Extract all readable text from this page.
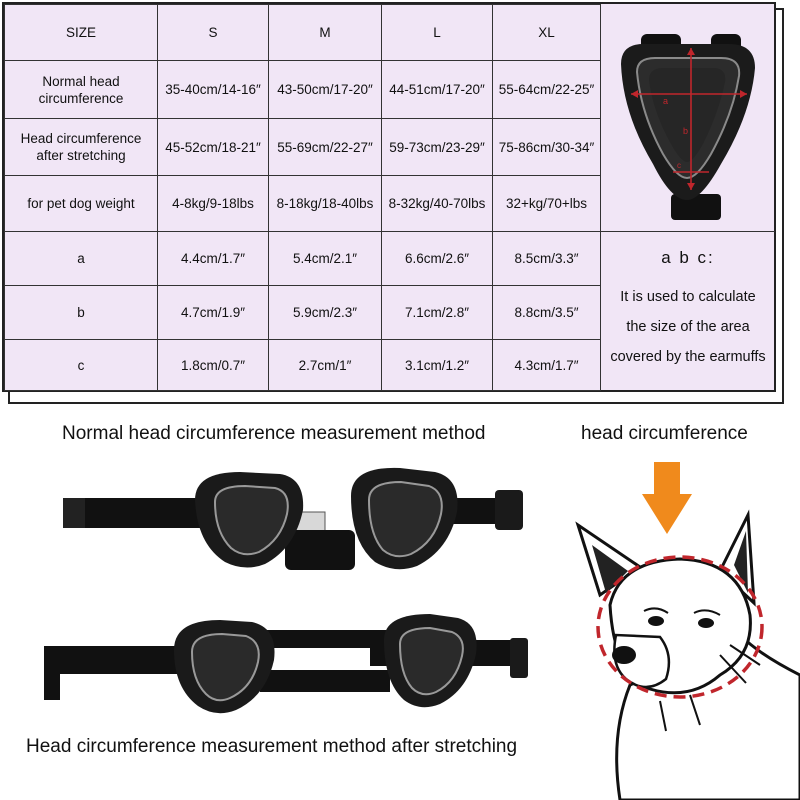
SIZE	S	M	L	XL
Normal head circumference	35-40cm/14-16″	43-50cm/17-20″	44-51cm/17-20″	55-64cm/22-25″
Head circumference after stretching	45-52cm/18-21″	55-69cm/22-27″	59-73cm/23-29″	75-86cm/30-34″
for pet dog weight	4-8kg/9-18lbs	8-18kg/18-40lbs	8-32kg/40-70lbs	32+kg/70+lbs
a	4.4cm/1.7″	5.4cm/2.1″	6.6cm/2.6″	8.5cm/3.3″
b	4.7cm/1.9″	5.9cm/2.3″	7.1cm/2.8″	8.8cm/3.5″
c	1.8cm/0.7″	2.7cm/1″	3.1cm/1.2″	4.3cm/1.7″
a
b
c
a b c:
It is used to calculate
the size of the area
covered by the earmuffs
Normal head circumference measurement method	head circumference
Head circumference measurement method after stretching
